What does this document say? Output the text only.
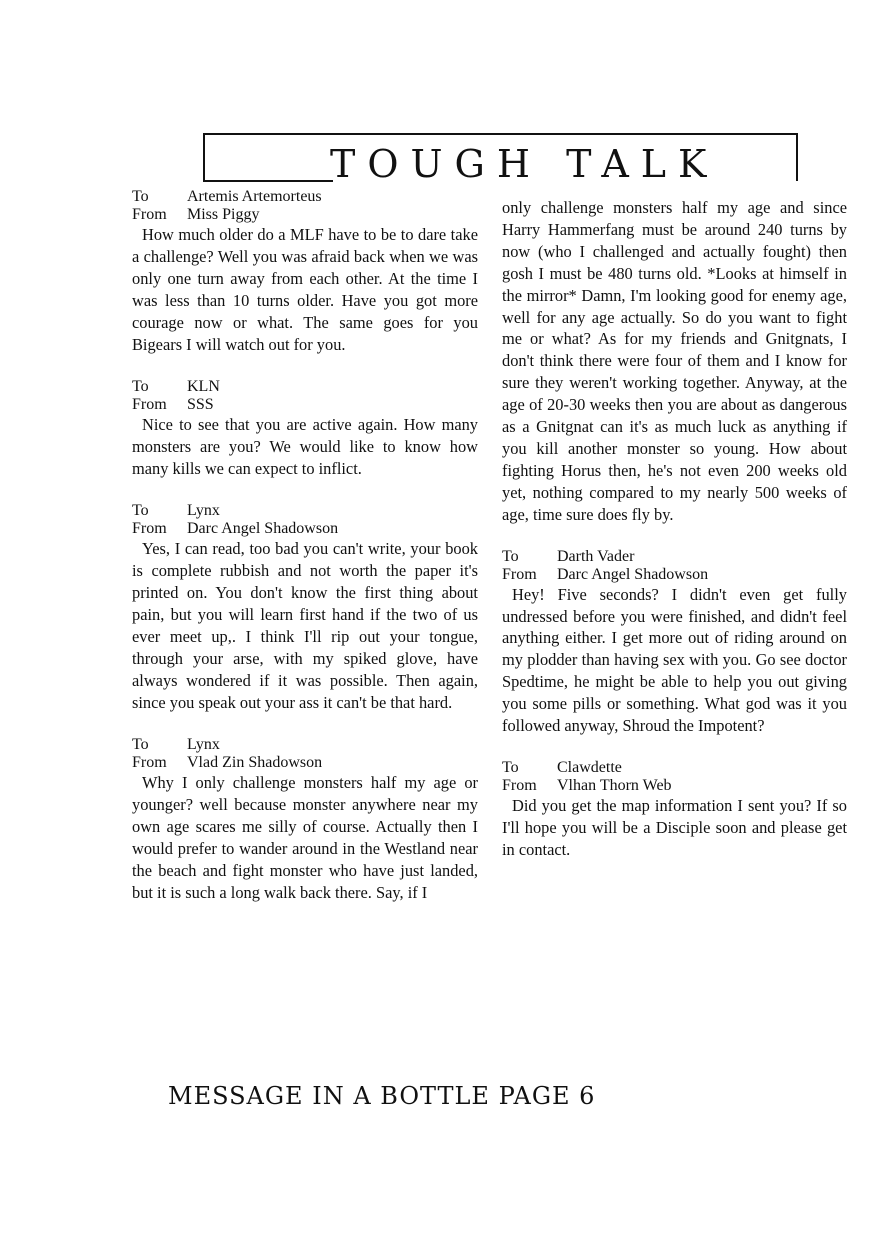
TOUGH TALK
To	Artemis Artemorteus
From	Miss Piggy

How much older do a MLF have to be to dare take a challenge? Well you was afraid back when we was only one turn away from each other. At the time I was less than 10 turns older. Have you got more courage now or what. The same goes for you Bigears I will watch out for you.

To	KLN
From	SSS

Nice to see that you are active again. How many monsters are you? We would like to know how many kills we can expect to inflict.

To	Lynx
From	Darc Angel Shadowson

Yes, I can read, too bad you can't write, your book is complete rubbish and not worth the paper it's printed on. You don't know the first thing about pain, but you will learn first hand if the two of us ever meet up,. I think I'll rip out your tongue, through your arse, with my spiked glove, have always wondered if it was possible. Then again, since you speak out your ass it can't be that hard.

To	Lynx
From	Vlad Zin Shadowson

Why I only challenge monsters half my age or younger? well because monster anywhere near my own age scares me silly of course. Actually then I would prefer to wander around in the Westland near the beach and fight monster who have just landed, but it is such a long walk back there. Say, if I

only challenge monsters half my age and since Harry Hammerfang must be around 240 turns by now (who I challenged and actually fought) then gosh I must be 480 turns old. *Looks at himself in the mirror* Damn, I'm looking good for enemy age, well for any age actually. So do you want to fight me or what? As for my friends and Gnitgnats, I don't think there were four of them and I know for sure they weren't working together. Anyway, at the age of 20-30 weeks then you are about as dangerous as a Gnitgnat can it's as much luck as anything if you kill another monster so young. How about fighting Horus then, he's not even 200 weeks old yet, nothing compared to my nearly 500 weeks of age, time sure does fly by.

To	Darth Vader
From	Darc Angel Shadowson

Hey! Five seconds? I didn't even get fully undressed before you were finished, and didn't feel anything either. I get more out of riding around on my plodder than having sex with you. Go see doctor Spedtime, he might be able to help you out giving you some pills or something. What god was it you followed anyway, Shroud the Impotent?

To	Clawdette
From	Vlhan Thorn Web

Did you get the map information I sent you? If so I'll hope you will be a Disciple soon and please get in contact.

MESSAGE IN A BOTTLE PAGE 6
